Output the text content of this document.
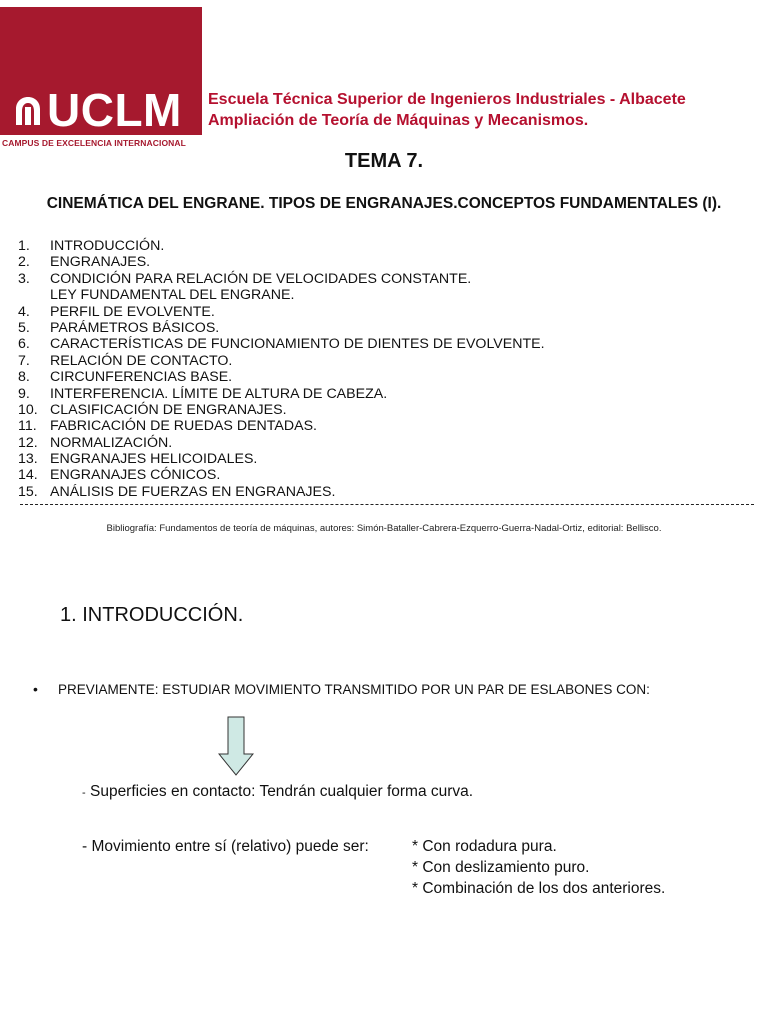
UCLM
CAMPUS DE EXCELENCIA INTERNACIONAL
Escuela Técnica Superior de Ingenieros Industriales - Albacete
Ampliación de Teoría de Máquinas y Mecanismos.
TEMA 7.
CINEMÁTICA DEL ENGRANE. TIPOS DE ENGRANAJES.CONCEPTOS FUNDAMENTALES (I).
1. INTRODUCCIÓN.
2. ENGRANAJES.
3. CONDICIÓN PARA RELACIÓN DE VELOCIDADES CONSTANTE.
LEY FUNDAMENTAL DEL ENGRANE.
4. PERFIL DE EVOLVENTE.
5. PARÁMETROS BÁSICOS.
6. CARACTERÍSTICAS DE FUNCIONAMIENTO DE DIENTES DE EVOLVENTE.
7. RELACIÓN DE CONTACTO.
8. CIRCUNFERENCIAS BASE.
9. INTERFERENCIA. LÍMITE DE ALTURA DE CABEZA.
10. CLASIFICACIÓN DE ENGRANAJES.
11. FABRICACIÓN DE RUEDAS DENTADAS.
12. NORMALIZACIÓN.
13. ENGRANAJES HELICOIDALES.
14. ENGRANAJES CÓNICOS.
15. ANÁLISIS DE FUERZAS EN ENGRANAJES.
Bibliografía: Fundamentos de teoría de máquinas, autores: Simón-Bataller-Cabrera-Ezquerro-Guerra-Nadal-Ortiz, editorial: Bellisco.
1. INTRODUCCIÓN.
• PREVIAMENTE: ESTUDIAR MOVIMIENTO TRANSMITIDO POR UN PAR DE ESLABONES CON:
- Superficies en contacto: Tendrán cualquier forma curva.
- Movimiento entre sí (relativo) puede ser:	* Con rodadura pura.
* Con deslizamiento puro.
* Combinación de los dos anteriores.
